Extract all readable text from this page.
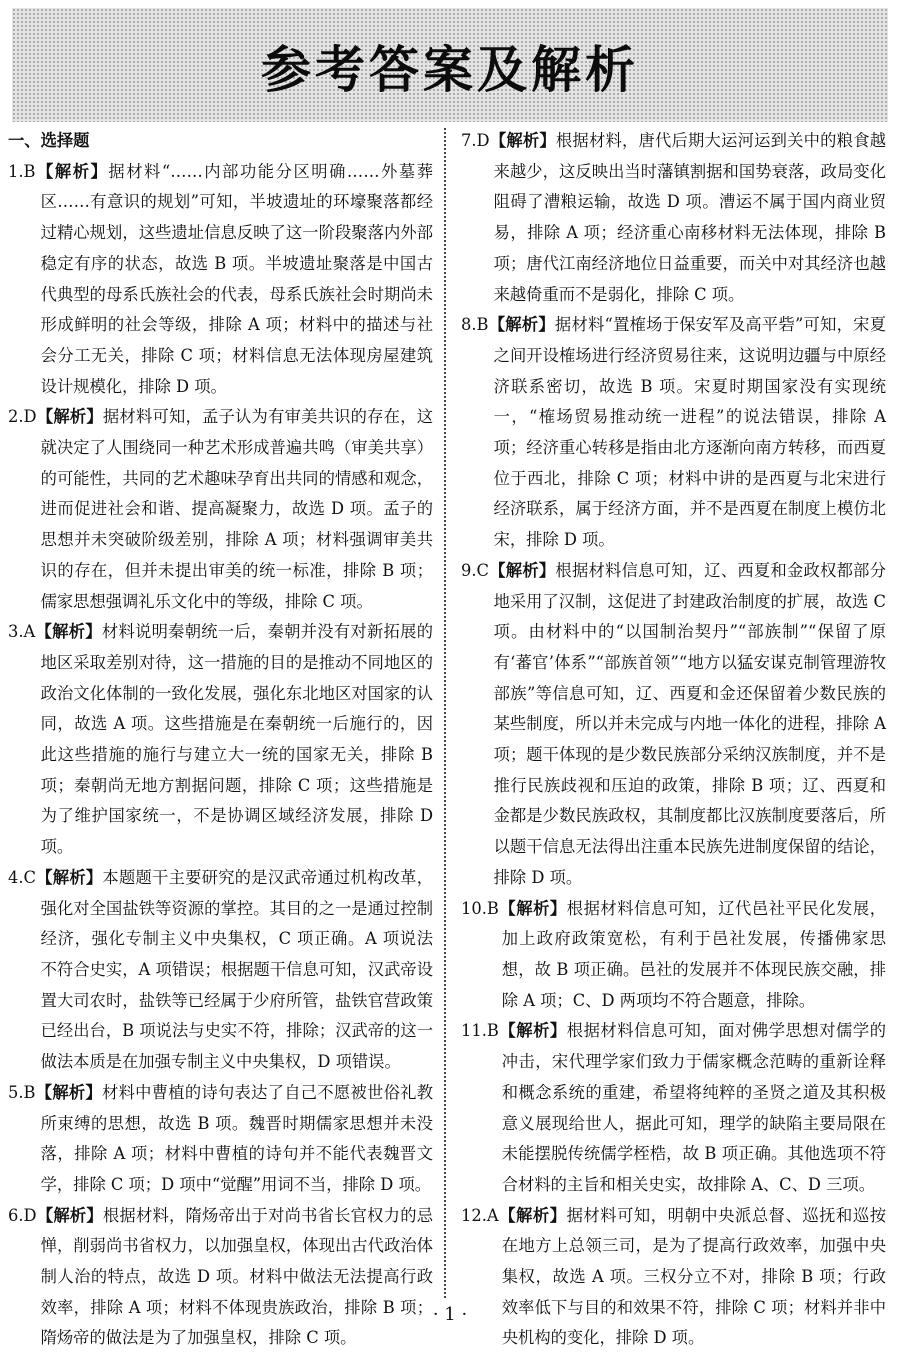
参考答案及解析
一、选择题

1.B【解析】据材料“……内部功能分区明确……外墓葬区……有意识的规划”可知，半坡遗址的环壕聚落都经过精心规划，这些遗址信息反映了这一阶段聚落内外部稳定有序的状态，故选 B 项。半坡遗址聚落是中国古代典型的母系氏族社会的代表，母系氏族社会时期尚未形成鲜明的社会等级，排除 A 项；材料中的描述与社会分工无关，排除 C 项；材料信息无法体现房屋建筑设计规模化，排除 D 项。

2.D【解析】据材料可知，孟子认为有审美共识的存在，这就决定了人围绕同一种艺术形成普遍共鸣（审美共享）的可能性，共同的艺术趣味孕育出共同的情感和观念，进而促进社会和谐、提高凝聚力，故选 D 项。孟子的思想并未突破阶级差别，排除 A 项；材料强调审美共识的存在，但并未提出审美的统一标准，排除 B 项；儒家思想强调礼乐文化中的等级，排除 C 项。

3.A【解析】材料说明秦朝统一后，秦朝并没有对新拓展的地区采取差别对待，这一措施的目的是推动不同地区的政治文化体制的一致化发展，强化东北地区对国家的认同，故选 A 项。这些措施是在秦朝统一后施行的，因此这些措施的施行与建立大一统的国家无关，排除 B 项；秦朝尚无地方割据问题，排除 C 项；这些措施是为了维护国家统一，不是协调区域经济发展，排除 D 项。

4.C【解析】本题题干主要研究的是汉武帝通过机构改革，强化对全国盐铁等资源的掌控。其目的之一是通过控制经济，强化专制主义中央集权，C 项正确。A 项说法不符合史实，A 项错误；根据题干信息可知，汉武帝设置大司农时，盐铁等已经属于少府所管，盐铁官营政策已经出台，B 项说法与史实不符，排除；汉武帝的这一做法本质是在加强专制主义中央集权，D 项错误。

5.B【解析】材料中曹植的诗句表达了自己不愿被世俗礼教所束缚的思想，故选 B 项。魏晋时期儒家思想并未没落，排除 A 项；材料中曹植的诗句并不能代表魏晋文学，排除 C 项；D 项中“觉醒”用词不当，排除 D 项。

6.D【解析】根据材料，隋炀帝出于对尚书省长官权力的忌惮，削弱尚书省权力，以加强皇权，体现出古代政治体制人治的特点，故选 D 项。材料中做法无法提高行政效率，排除 A 项；材料不体现贵族政治，排除 B 项；隋炀帝的做法是为了加强皇权，排除 C 项。

7.D【解析】根据材料，唐代后期大运河运到关中的粮食越来越少，这反映出当时藩镇割据和国势衰落，政局变化阻碍了漕粮运输，故选 D 项。漕运不属于国内商业贸易，排除 A 项；经济重心南移材料无法体现，排除 B 项；唐代江南经济地位日益重要，而关中对其经济也越来越倚重而不是弱化，排除 C 项。

8.B【解析】据材料“置榷场于保安军及高平砦”可知，宋夏之间开设榷场进行经济贸易往来，这说明边疆与中原经济联系密切，故选 B 项。宋夏时期国家没有实现统一，“榷场贸易推动统一进程”的说法错误，排除 A 项；经济重心转移是指由北方逐渐向南方转移，而西夏位于西北，排除 C 项；材料中讲的是西夏与北宋进行经济联系，属于经济方面，并不是西夏在制度上模仿北宋，排除 D 项。

9.C【解析】根据材料信息可知，辽、西夏和金政权都部分地采用了汉制，这促进了封建政治制度的扩展，故选 C 项。由材料中的“以国制治契丹”“部族制”“保留了原有‘蕃官’体系”“部族首领”“地方以猛安谋克制管理游牧部族”等信息可知，辽、西夏和金还保留着少数民族的某些制度，所以并未完成与内地一体化的进程，排除 A 项；题干体现的是少数民族部分采纳汉族制度，并不是推行民族歧视和压迫的政策，排除 B 项；辽、西夏和金都是少数民族政权，其制度都比汉族制度要落后，所以题干信息无法得出注重本民族先进制度保留的结论，排除 D 项。

10.B【解析】根据材料信息可知，辽代邑社平民化发展，加上政府政策宽松，有利于邑社发展，传播佛家思想，故 B 项正确。邑社的发展并不体现民族交融，排除 A 项；C、D 两项均不符合题意，排除。

11.B【解析】根据材料信息可知，面对佛学思想对儒学的冲击，宋代理学家们致力于儒家概念范畴的重新诠释和概念系统的重建，希望将纯粹的圣贤之道及其积极意义展现给世人，据此可知，理学的缺陷主要局限在未能摆脱传统儒学桎梏，故 B 项正确。其他选项不符合材料的主旨和相关史实，故排除 A、C、D 三项。

12.A【解析】据材料可知，明朝中央派总督、巡抚和巡按在地方上总领三司，是为了提高行政效率，加强中央集权，故选 A 项。三权分立不对，排除 B 项；行政效率低下与目的和效果不符，排除 C 项；材料并非中央机构的变化，排除 D 项。

· 1 ·
